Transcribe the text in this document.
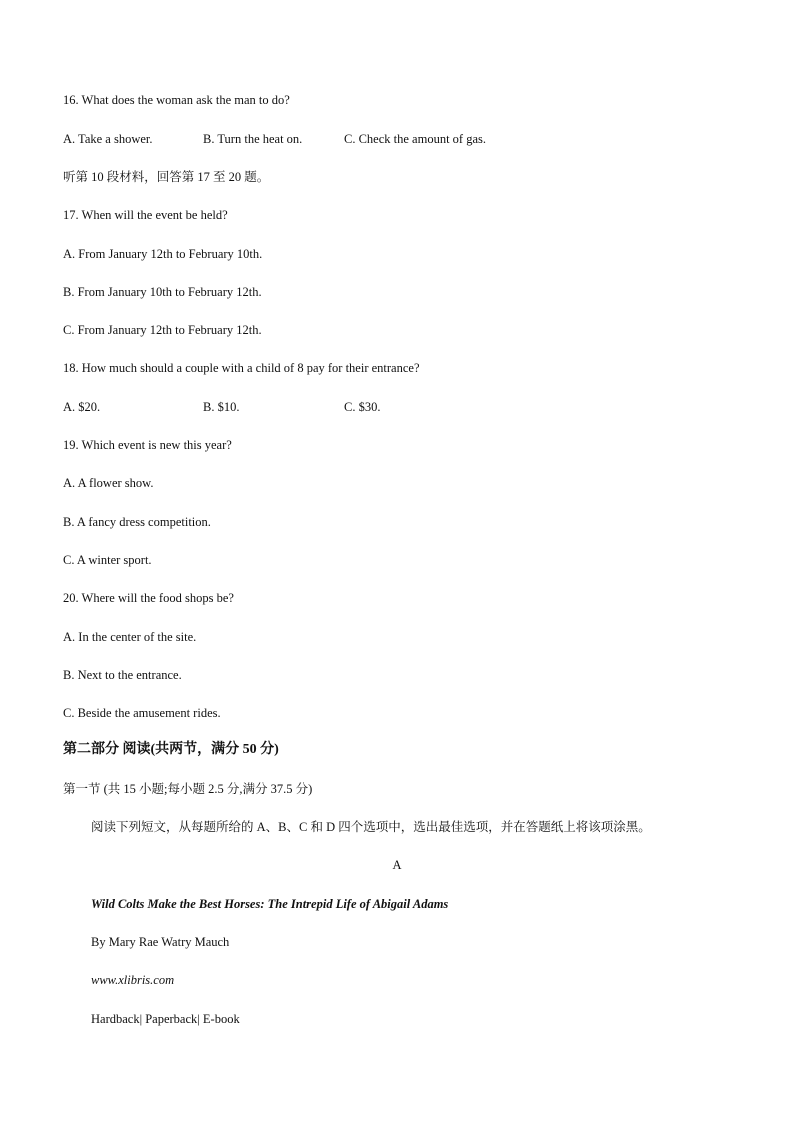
16. What does the woman ask the man to do?
A. Take a shower.	B. Turn the heat on.	C. Check the amount of gas.
听第 10 段材料，回答第 17 至 20 题。
17. When will the event be held?
A. From January 12th to February 10th.
B. From January 10th to February 12th.
C. From January 12th to February 12th.
18. How much should a couple with a child of 8 pay for their entrance?
A. $20.	B. $10.	C. $30.
19. Which event is new this year?
A. A flower show.
B. A fancy dress competition.
C. A winter sport.
20. Where will the food shops be?
A. In the center of the site.
B. Next to the entrance.
C. Beside the amusement rides.
第二部分 阅读(共两节，满分 50 分)
第一节 (共 15 小题;每小题 2.5 分,满分 37.5 分)
阅读下列短文，从每题所给的 A、B、C 和 D 四个选项中，选出最佳选项，并在答题纸上将该项涂黑。
A
Wild Colts Make the Best Horses: The Intrepid Life of Abigail Adams
By Mary Rae Watry Mauch
www.xlibris.com
Hardback| Paperback| E-book
